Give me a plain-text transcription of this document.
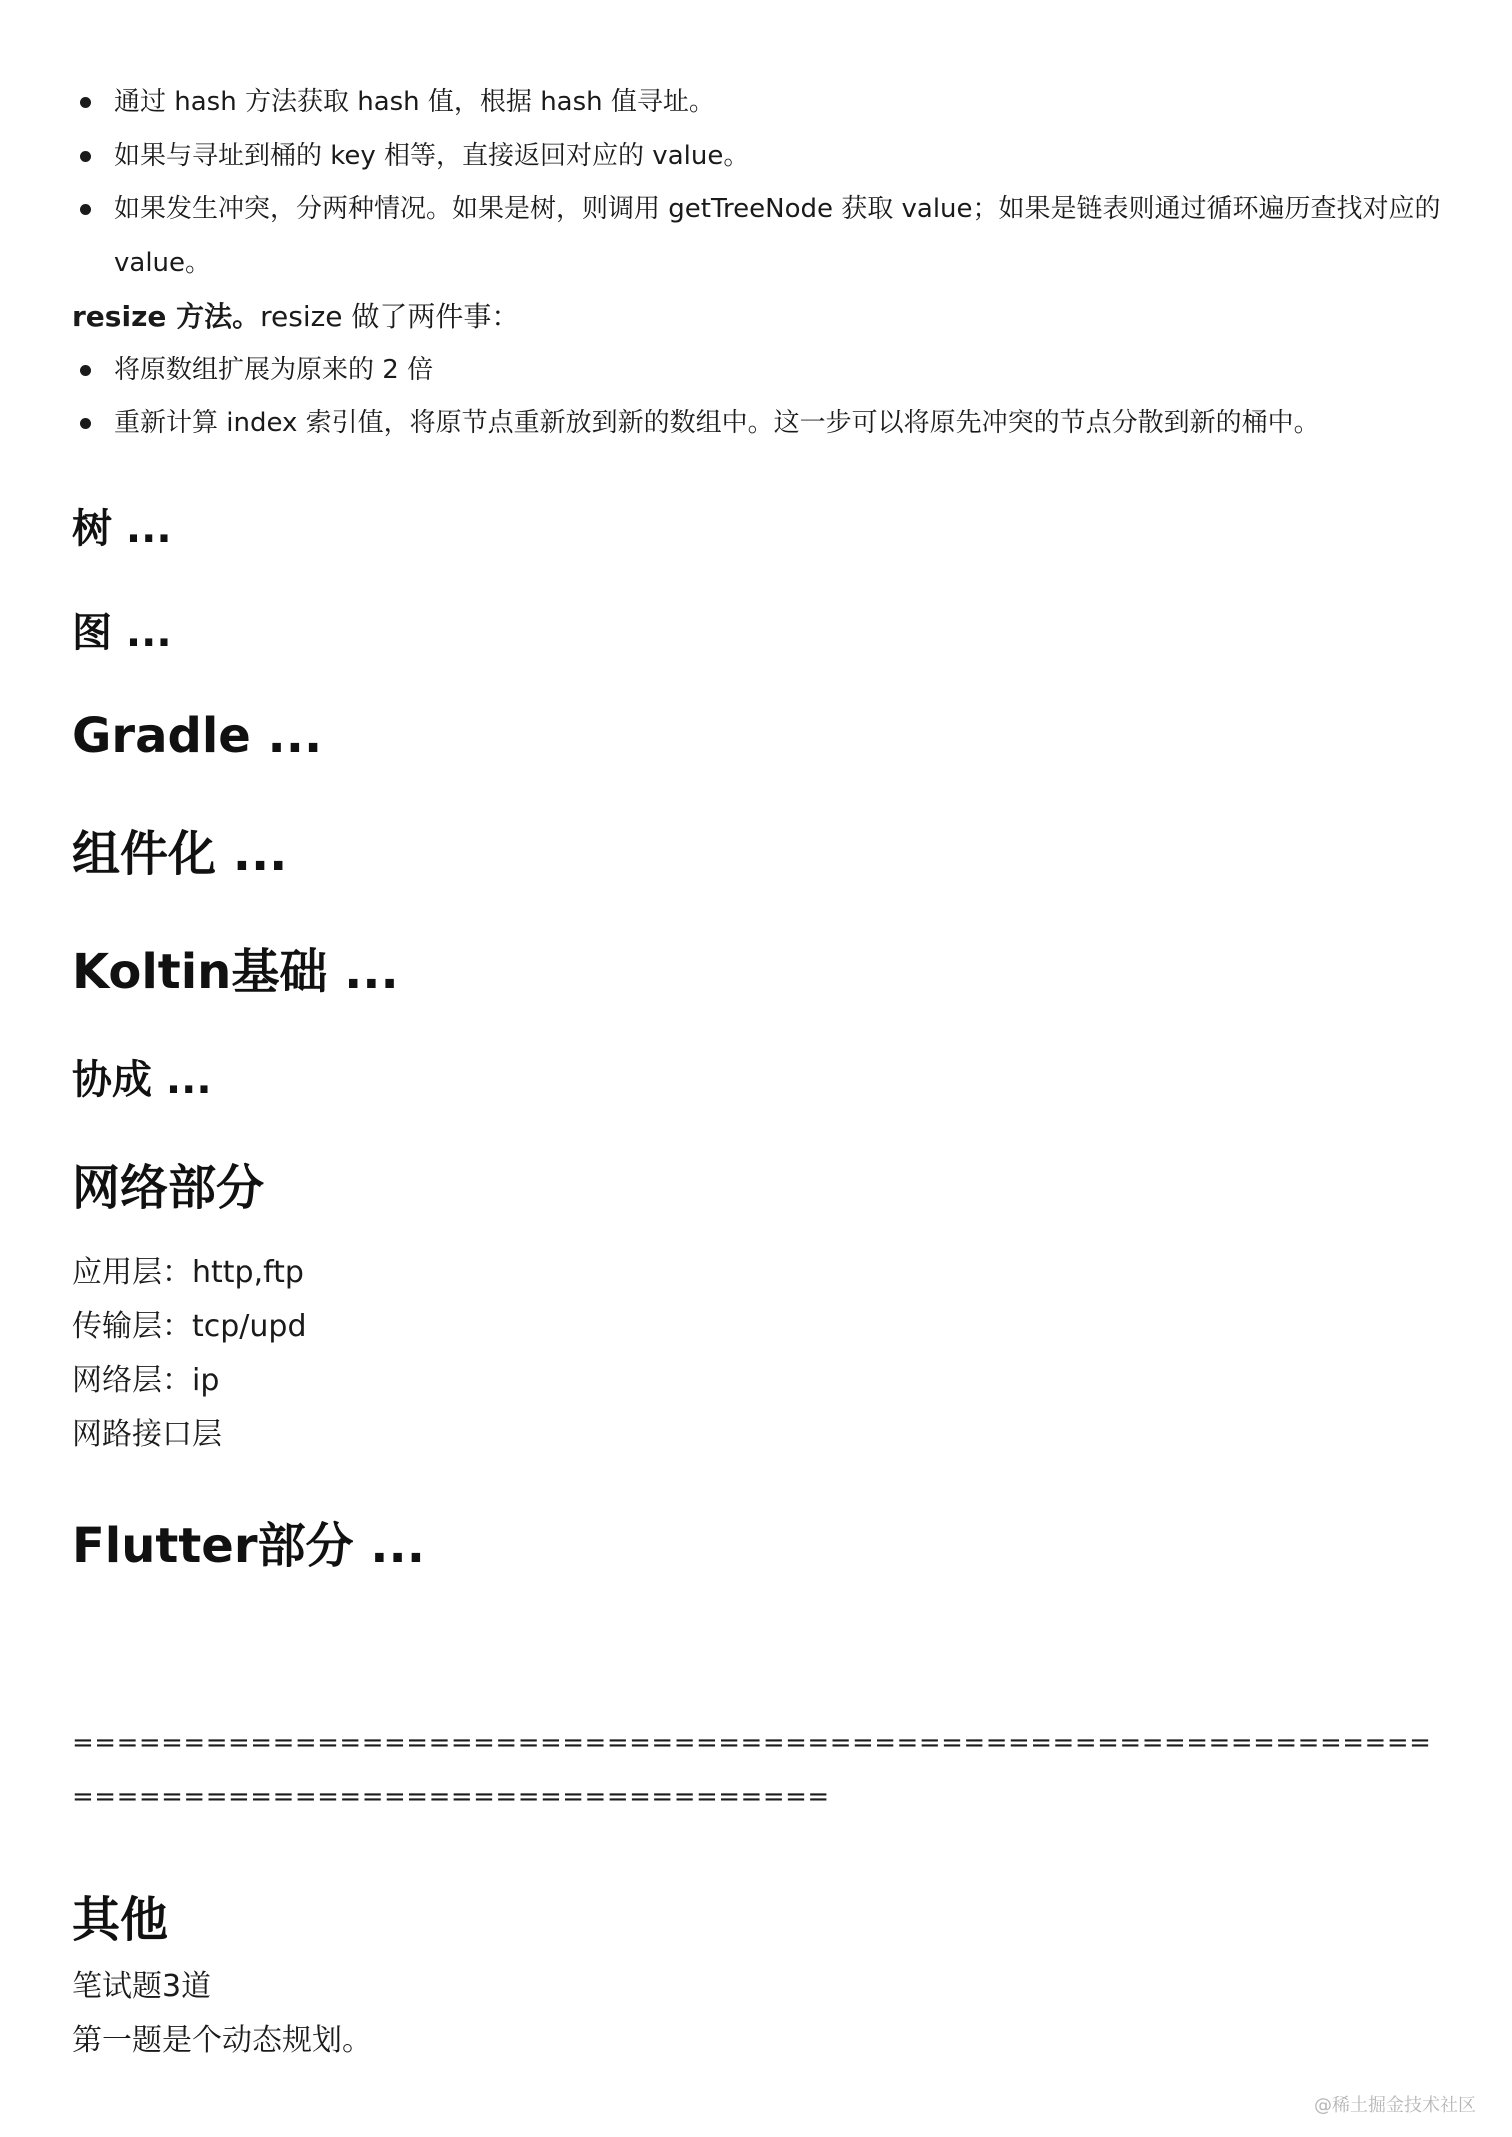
通过 hash 方法获取 hash 值，根据 hash 值寻址。
如果与寻址到桶的 key 相等，直接返回对应的 value。
如果发生冲突，分两种情况。如果是树，则调用 getTreeNode 获取 value；如果是链表则通过循环遍历查找对应的 value。

resize 方法。resize 做了两件事：

将原数组扩展为原来的 2 倍
重新计算 index 索引值，将原节点重新放到新的数组中。这一步可以将原先冲突的节点分散到新的桶中。
树 ...
图 ...
Gradle ...
组件化 ...
Koltin基础 ...
协成 ...
网络部分

应用层：http,ftp

传输层：tcp/upd

网络层：ip

网路接口层

Flutter部分 ...

===============================================================================================

其他

笔试题3道

第一题是个动态规划。

@稀土掘金技术社区
